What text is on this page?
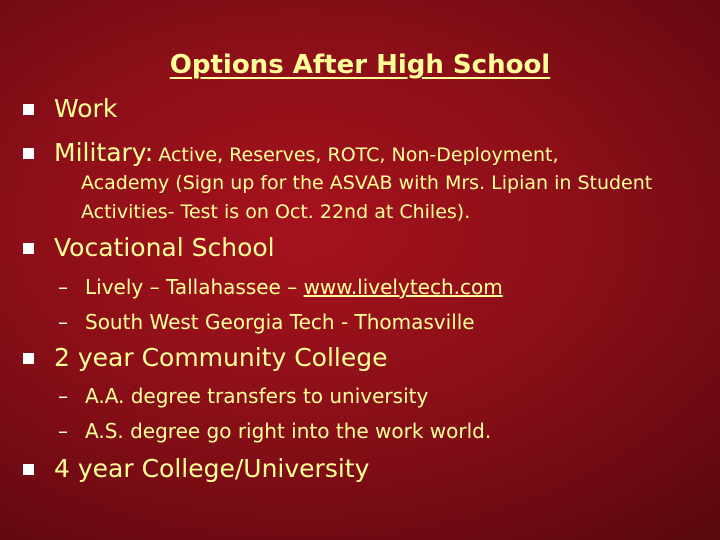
Options After High School
Work
Military: Active, Reserves, ROTC, Non-Deployment,
Academy (Sign up for the ASVAB with Mrs. Lipian in Student
Activities- Test is on Oct. 22nd at Chiles).
Vocational School
– Lively – Tallahassee – www.livelytech.com
– South West Georgia Tech - Thomasville
2 year Community College
– A.A. degree transfers to university
– A.S. degree go right into the work world.
4 year College/University
